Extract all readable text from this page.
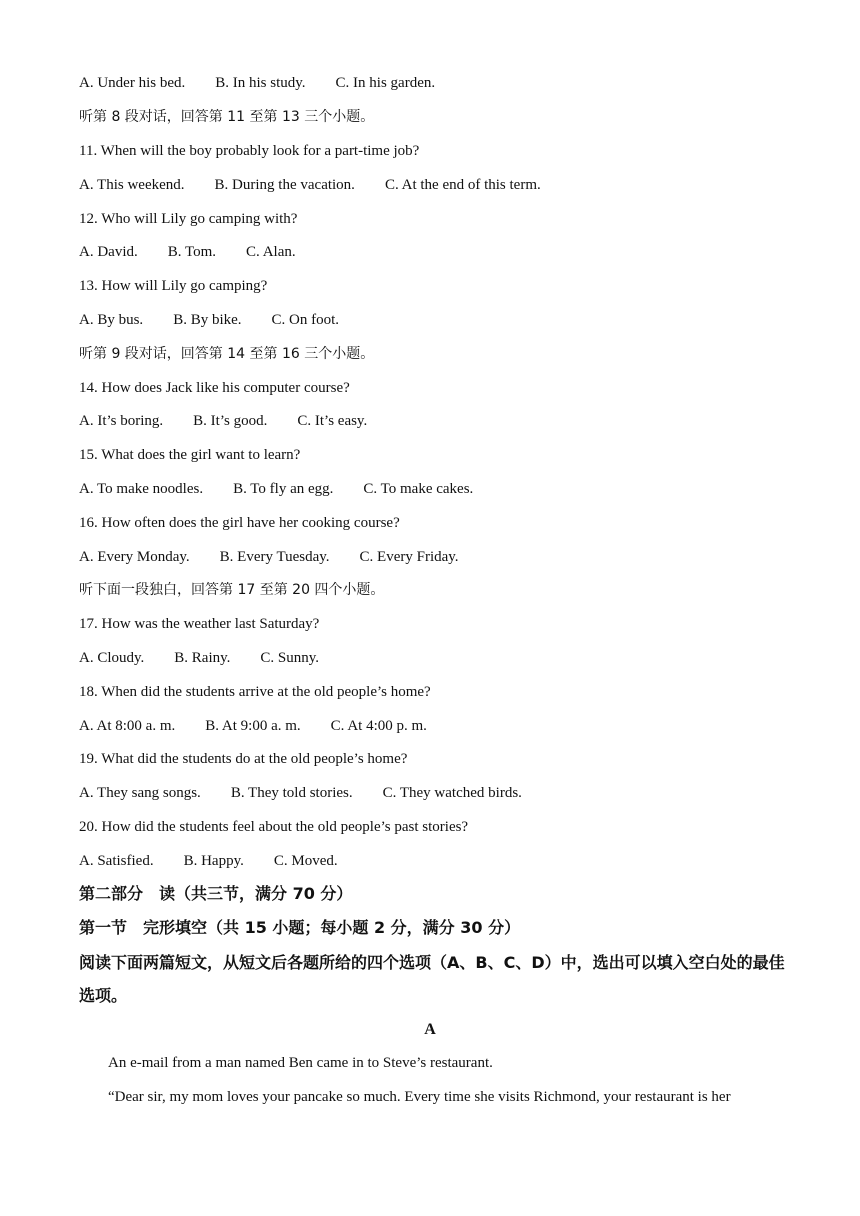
A. Under his bed. B. In his study. C. In his garden.
听第 8 段对话，回答第 11 至第 13 三个小题。
11. When will the boy probably look for a part-time job?
A. This weekend. B. During the vacation. C. At the end of this term.
12. Who will Lily go camping with?
A. David. B. Tom. C. Alan.
13. How will Lily go camping?
A. By bus. B. By bike. C. On foot.
听第 9 段对话，回答第 14 至第 16 三个小题。
14. How does Jack like his computer course?
A. It’s boring. B. It’s good. C. It’s easy.
15. What does the girl want to learn?
A. To make noodles. B. To fly an egg. C. To make cakes.
16. How often does the girl have her cooking course?
A. Every Monday. B. Every Tuesday. C. Every Friday.
听下面一段独白，回答第 17 至第 20 四个小题。
17. How was the weather last Saturday?
A. Cloudy. B. Rainy. C. Sunny.
18. When did the students arrive at the old people’s home?
A. At 8:00 a. m. B. At 9:00 a. m. C. At 4:00 p. m.
19. What did the students do at the old people’s home?
A. They sang songs. B. They told stories. C. They watched birds.
20. How did the students feel about the old people’s past stories?
A. Satisfied. B. Happy. C. Moved.
第二部分　读（共三节，满分 70 分）
第一节　完形填空（共 15 小题；每小题 2 分，满分 30 分）
阅读下面两篇短文，从短文后各题所给的四个选项（A、B、C、D）中，选出可以填入空白处的最佳选项。
A
An e-mail from a man named Ben came in to Steve’s restaurant.
“Dear sir, my mom loves your pancake so much. Every time she visits Richmond, your restaurant is her
